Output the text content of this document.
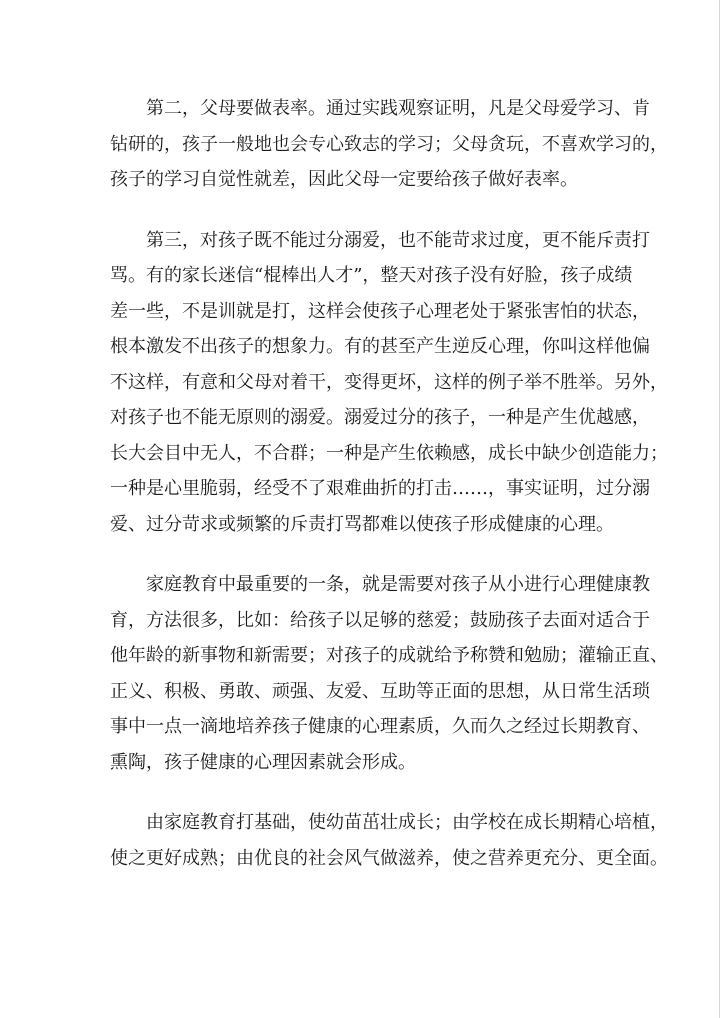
第二，父母要做表率。通过实践观察证明，凡是父母爱学习、肯
钻研的，孩子一般地也会专心致志的学习；父母贪玩，不喜欢学习的，
孩子的学习自觉性就差，因此父母一定要给孩子做好表率。
第三，对孩子既不能过分溺爱，也不能苛求过度，更不能斥责打
骂。有的家长迷信“棍棒出人才”，整天对孩子没有好脸，孩子成绩
差一些，不是训就是打，这样会使孩子心理老处于紧张害怕的状态，
根本激发不出孩子的想象力。有的甚至产生逆反心理，你叫这样他偏
不这样，有意和父母对着干，变得更坏，这样的例子举不胜举。另外，
对孩子也不能无原则的溺爱。溺爱过分的孩子，一种是产生优越感，
长大会目中无人，不合群；一种是产生依赖感，成长中缺少创造能力；
一种是心里脆弱，经受不了艰难曲折的打击……，事实证明，过分溺
爱、过分苛求或频繁的斥责打骂都难以使孩子形成健康的心理。
家庭教育中最重要的一条，就是需要对孩子从小进行心理健康教
育，方法很多，比如：给孩子以足够的慈爱；鼓励孩子去面对适合于
他年龄的新事物和新需要；对孩子的成就给予称赞和勉励；灌输正直、
正义、积极、勇敢、顽强、友爱、互助等正面的思想，从日常生活琐
事中一点一滴地培养孩子健康的心理素质，久而久之经过长期教育、
熏陶，孩子健康的心理因素就会形成。
由家庭教育打基础，使幼苗茁壮成长；由学校在成长期精心培植，
使之更好成熟；由优良的社会风气做滋养，使之营养更充分、更全面。
